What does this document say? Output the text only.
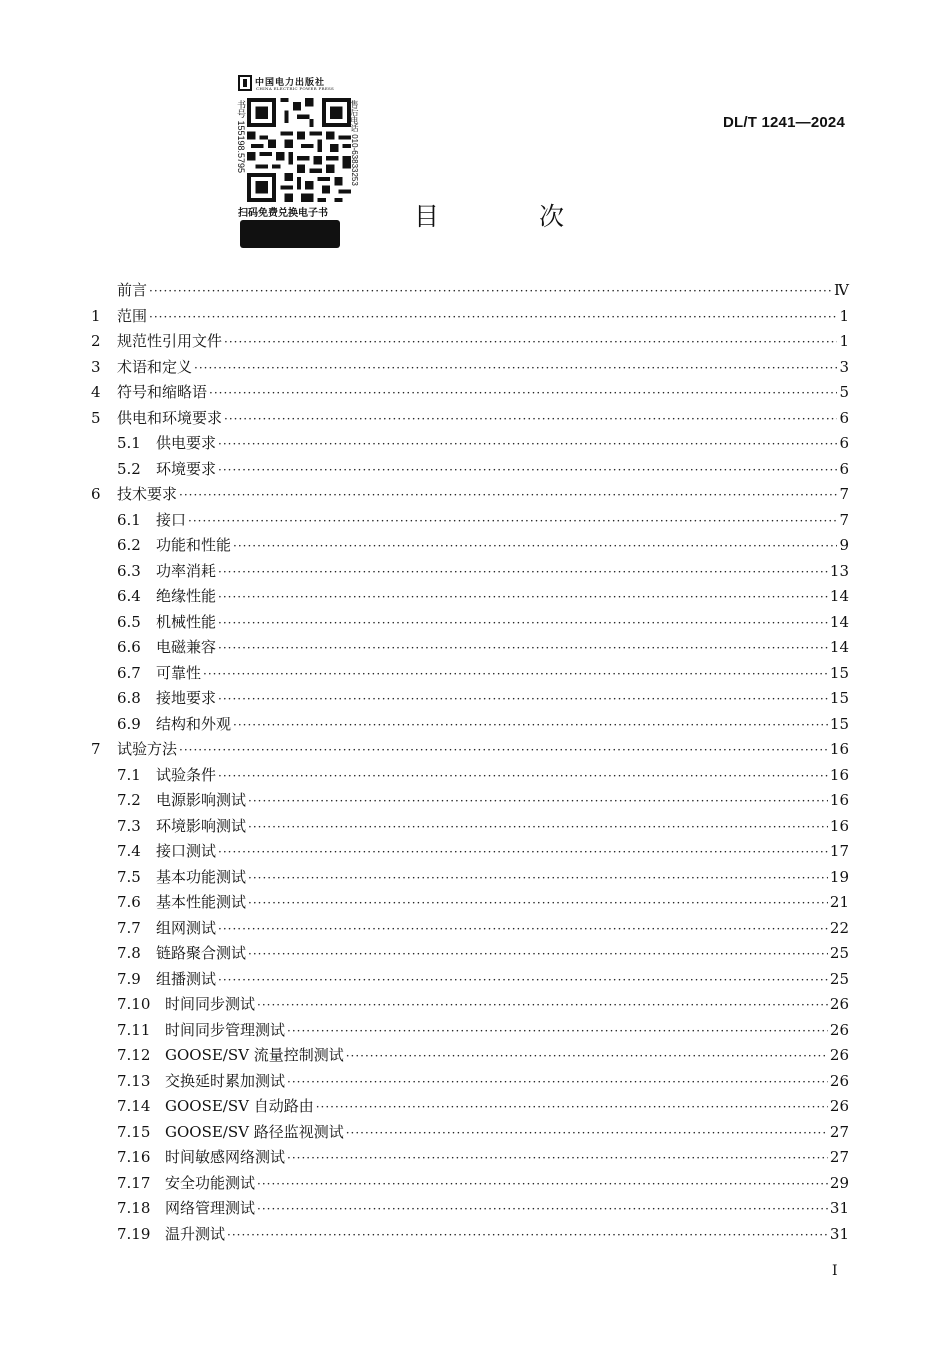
中国电力出版社
CHINA ELECTRIC POWER PRESS
书号 155198.5795	售后电话 010-63833253
扫码免费兑换电子书
DL/T 1241—2024
目 次
前言 ·····	Ⅳ
1	范围 ·····	1
2	规范性引用文件 ·····	1
3	术语和定义 ·····	3
4	符号和缩略语 ·····	5
5	供电和环境要求 ·····	6
5.1	供电要求 ·····	6
5.2	环境要求 ·····	6
6	技术要求 ·····	7
6.1	接口 ·····	7
6.2	功能和性能 ·····	9
6.3	功率消耗 ·····	13
6.4	绝缘性能 ·····	14
6.5	机械性能 ·····	14
6.6	电磁兼容 ·····	14
6.7	可靠性 ·····	15
6.8	接地要求 ·····	15
6.9	结构和外观 ·····	15
7	试验方法 ·····	16
7.1	试验条件 ·····	16
7.2	电源影响测试 ·····	16
7.3	环境影响测试 ·····	16
7.4	接口测试 ·····	17
7.5	基本功能测试 ·····	19
7.6	基本性能测试 ·····	21
7.7	组网测试 ·····	22
7.8	链路聚合测试 ·····	25
7.9	组播测试 ·····	25
7.10 时间同步测试 ·····	26
7.11 时间同步管理测试 ·····	26
7.12 GOOSE/SV 流量控制测试 ·····	26
7.13 交换延时累加测试 ·····	26
7.14 GOOSE/SV 自动路由 ·····	26
7.15 GOOSE/SV 路径监视测试 ·····	27
7.16 时间敏感网络测试 ·····	27
7.17 安全功能测试 ·····	29
7.18 网络管理测试 ·····	31
7.19 温升测试 ·····	31
I
